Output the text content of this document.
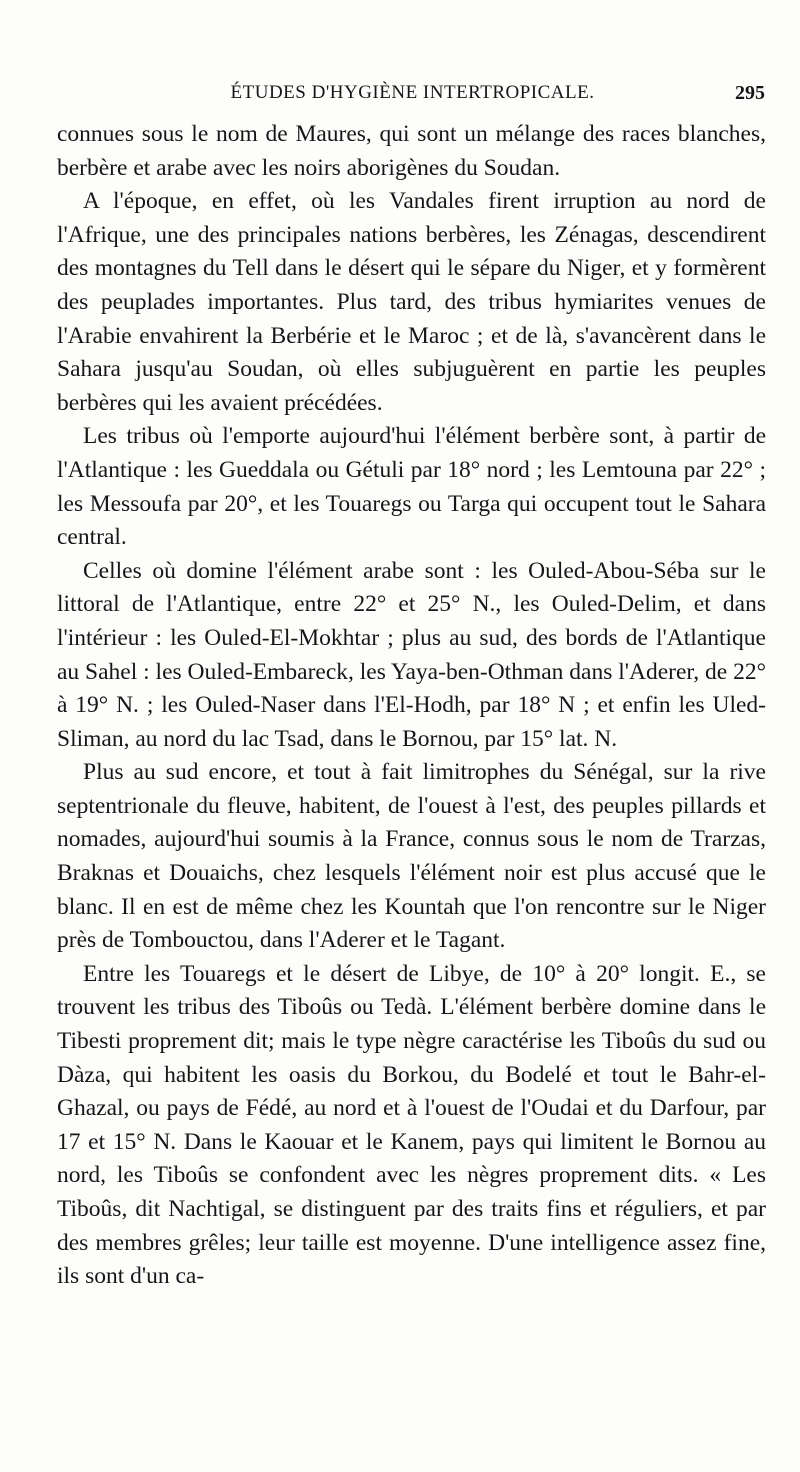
ÉTUDES D'HYGIÈNE INTERTROPICALE.	295

connues sous le nom de Maures, qui sont un mélange des races blanches, berbère et arabe avec les noirs aborigènes du Soudan.

A l'époque, en effet, où les Vandales firent irruption au nord de l'Afrique, une des principales nations berbères, les Zénagas, descendirent des montagnes du Tell dans le désert qui le sépare du Niger, et y formèrent des peuplades importantes. Plus tard, des tribus hymiarites venues de l'Arabie envahirent la Berbérie et le Maroc ; et de là, s'avancèrent dans le Sahara jusqu'au Soudan, où elles subjuguèrent en partie les peuples berbères qui les avaient précédées.

Les tribus où l'emporte aujourd'hui l'élément berbère sont, à partir de l'Atlantique : les Gueddala ou Gétuli par 18° nord ; les Lemtouna par 22° ; les Messoufa par 20°, et les Touaregs ou Targa qui occupent tout le Sahara central.

Celles où domine l'élément arabe sont : les Ouled-Abou-Séba sur le littoral de l'Atlantique, entre 22° et 25° N., les Ouled-Delim, et dans l'intérieur : les Ouled-El-Mokhtar ; plus au sud, des bords de l'Atlantique au Sahel : les Ouled-Embareck, les Yaya-ben-Othman dans l'Aderer, de 22° à 19° N. ; les Ouled-Naser dans l'El-Hodh, par 18° N ; et enfin les Uled-Sliman, au nord du lac Tsad, dans le Bornou, par 15° lat. N.

Plus au sud encore, et tout à fait limitrophes du Sénégal, sur la rive septentrionale du fleuve, habitent, de l'ouest à l'est, des peuples pillards et nomades, aujourd'hui soumis à la France, connus sous le nom de Trarzas, Braknas et Douaichs, chez lesquels l'élément noir est plus accusé que le blanc. Il en est de même chez les Kountah que l'on rencontre sur le Niger près de Tombouctou, dans l'Aderer et le Tagant.

Entre les Touaregs et le désert de Libye, de 10° à 20° longit. E., se trouvent les tribus des Tiboûs ou Tedà. L'élément berbère domine dans le Tibesti proprement dit; mais le type nègre caractérise les Tiboûs du sud ou Dàza, qui habitent les oasis du Borkou, du Bodelé et tout le Bahr-el-Ghazal, ou pays de Fédé, au nord et à l'ouest de l'Oudai et du Darfour, par 17 et 15° N. Dans le Kaouar et le Kanem, pays qui limitent le Bornou au nord, les Tiboûs se confondent avec les nègres proprement dits. « Les Tiboûs, dit Nachtigal, se distinguent par des traits fins et réguliers, et par des membres grêles; leur taille est moyenne. D'une intelligence assez fine, ils sont d'un ca-
